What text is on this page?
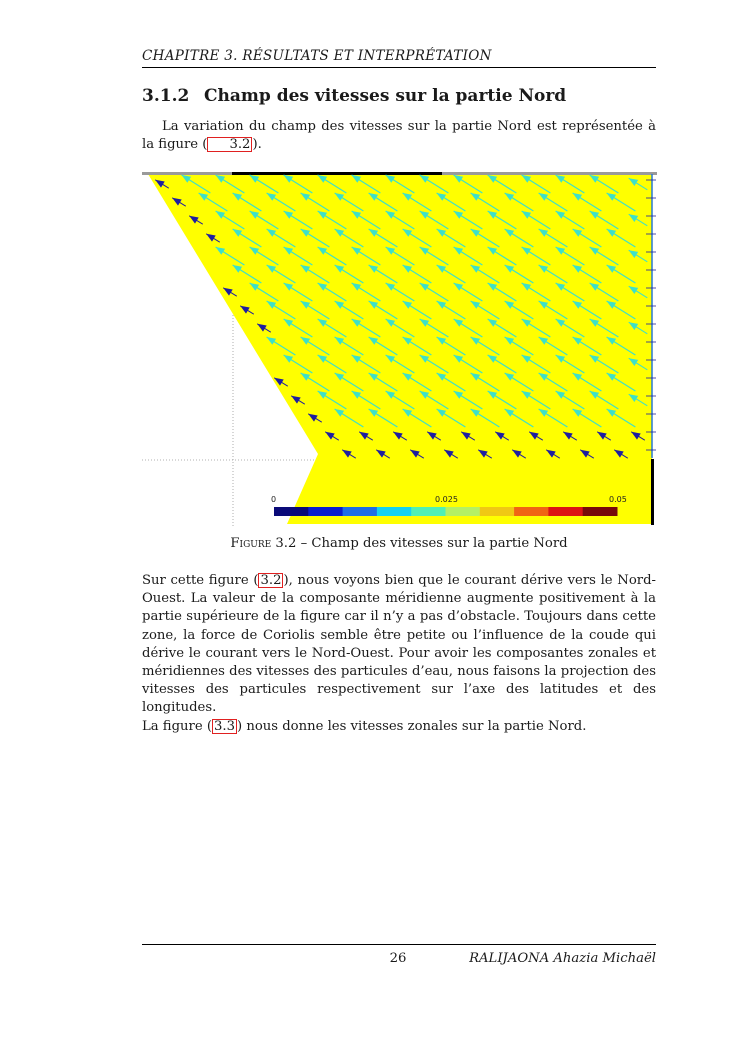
CHAPITRE 3. RÉSULTATS ET INTERPRÉTATION
3.1.2 Champ des vitesses sur la partie Nord
La variation du champ des vitesses sur la partie Nord est représentée à la figure ( 3.2 ).
0	0.025	0.05
Figure 3.2 – Champ des vitesses sur la partie Nord
Sur cette figure ( 3.2 ), nous voyons bien que le courant dérive vers le Nord-Ouest. La valeur de la composante méridienne augmente positivement à la partie supérieure de la figure car il n’y a pas d’obstacle. Toujours dans cette zone, la force de Coriolis semble être petite ou l’influence de la coude qui dérive le courant vers le Nord-Ouest. Pour avoir les composantes zonales et méridiennes des vitesses des particules d’eau, nous faisons la projection des vitesses des particules respectivement sur l’axe des latitudes et des longitudes.
La figure ( 3.3 ) nous donne les vitesses zonales sur la partie Nord.
26	RALIJAONA Ahazia Michaël
